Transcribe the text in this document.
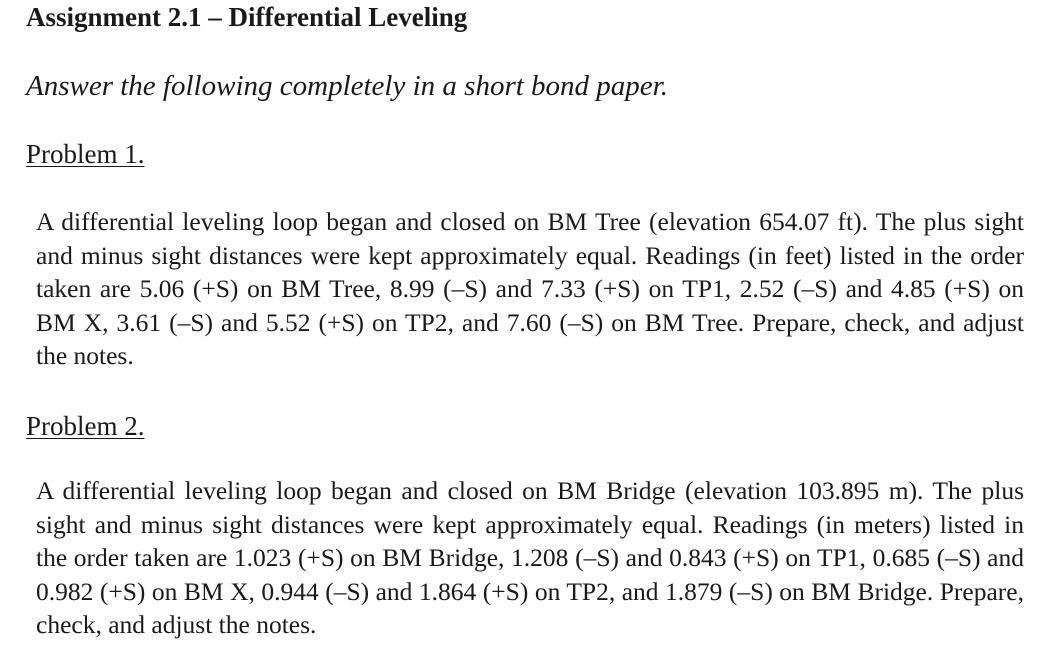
Assignment 2.1 – Differential Leveling
Answer the following completely in a short bond paper.
Problem 1.

A differential leveling loop began and closed on BM Tree (elevation 654.07 ft). The plus sight and minus sight distances were kept approximately equal. Readings (in feet) listed in the order taken are 5.06 (+S) on BM Tree, 8.99 (–S) and 7.33 (+S) on TP1, 2.52 (–S) and 4.85 (+S) on BM X, 3.61 (–S) and 5.52 (+S) on TP2, and 7.60 (–S) on BM Tree. Prepare, check, and adjust the notes.

Problem 2.

A differential leveling loop began and closed on BM Bridge (elevation 103.895 m). The plus sight and minus sight distances were kept approximately equal. Readings (in meters) listed in the order taken are 1.023 (+S) on BM Bridge, 1.208 (–S) and 0.843 (+S) on TP1, 0.685 (–S) and 0.982 (+S) on BM X, 0.944 (–S) and 1.864 (+S) on TP2, and 1.879 (–S) on BM Bridge. Prepare, check, and adjust the notes.
